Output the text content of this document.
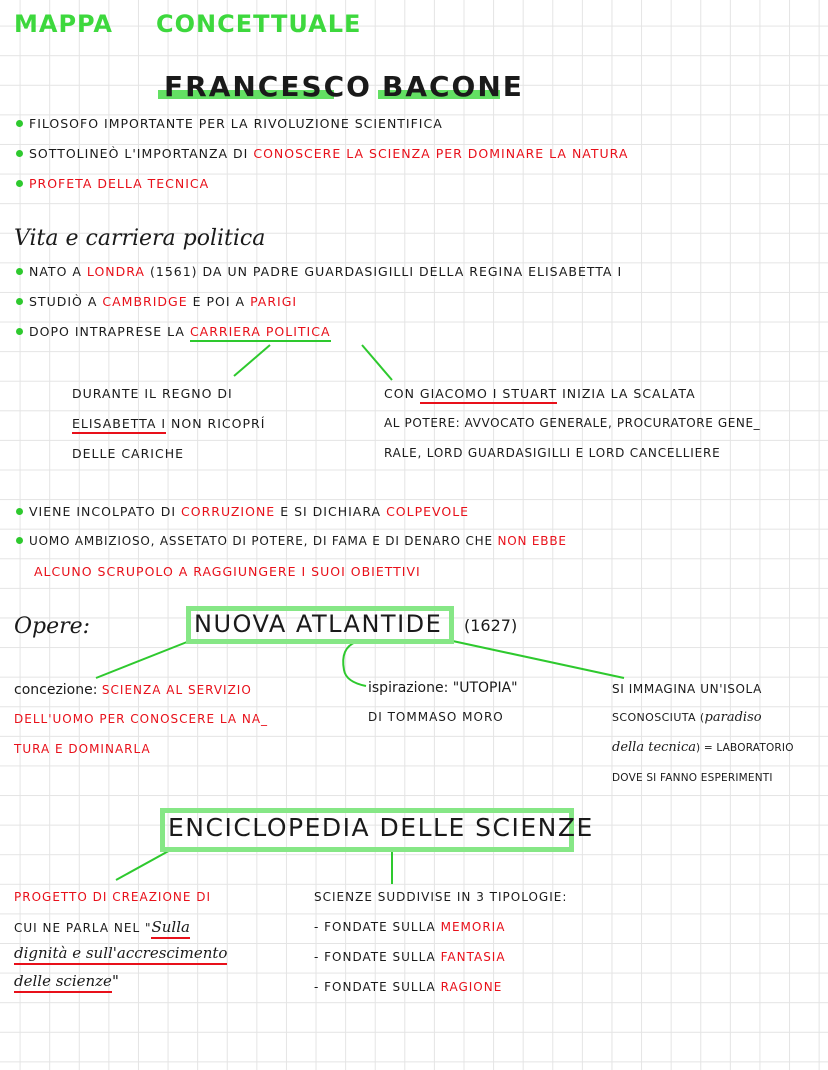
MAPPA CONCETTUALE
FRANCESCO BACONE
FILOSOFO IMPORTANTE PER LA RIVOLUZIONE SCIENTIFICA
SOTTOLINEÒ L'IMPORTANZA DI CONOSCERE LA SCIENZA PER DOMINARE LA NATURA
PROFETA DELLA TECNICA
Vita e carriera politica
NATO A LONDRA (1561) DA UN PADRE GUARDASIGILLI DELLA REGINA ELISABETTA I
STUDIÒ A CAMBRIDGE E POI A PARIGI
DOPO INTRAPRESE LA CARRIERA POLITICA
DURANTE IL REGNO DI
ELISABETTA I NON RICOPRÍ
DELLE CARICHE
CON GIACOMO I STUART INIZIA LA SCALATA
AL POTERE: AVVOCATO GENERALE, PROCURATORE GENE_
RALE, LORD GUARDASIGILLI E LORD CANCELLIERE
VIENE INCOLPATO DI CORRUZIONE E SI DICHIARA COLPEVOLE
UOMO AMBIZIOSO, ASSETATO DI POTERE, DI FAMA E DI DENARO CHE NON EBBE
ALCUNO SCRUPOLO A RAGGIUNGERE I SUOI OBIETTIVI
Opere:	NUOVA ATLANTIDE (1627)
concezione: SCIENZA AL SERVIZIO
DELL'UOMO PER CONOSCERE LA NA_
TURA E DOMINARLA
ispirazione: "UTOPIA"
DI TOMMASO MORO
SI IMMAGINA UN'ISOLA
SCONOSCIUTA (paradiso
della tecnica) = LABORATORIO
DOVE SI FANNO ESPERIMENTI
ENCICLOPEDIA DELLE SCIENZE
PROGETTO DI CREAZIONE DI
CUI NE PARLA NEL "Sulla
dignità e sull'accrescimento
delle scienze"
SCIENZE SUDDIVISE IN 3 TIPOLOGIE:
- FONDATE SULLA MEMORIA
- FONDATE SULLA FANTASIA
- FONDATE SULLA RAGIONE
